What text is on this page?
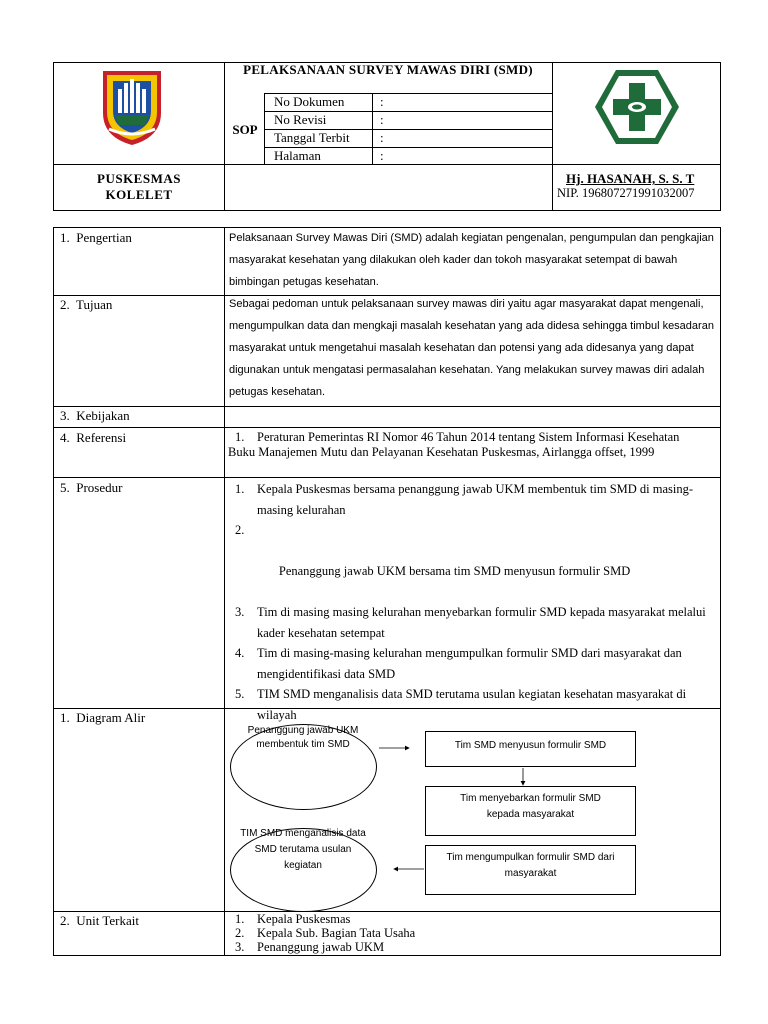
PELAKSANAAN SURVEY MAWAS DIRI (SMD)
SOP
No Dokumen	:
No Revisi	:
Tanggal Terbit :
Halaman	:
PUSKESMAS KOLELET
Hj. HASANAH, S. S. T
NIP. 196807271991032007
1.  Pengertian	Pelaksanaan Survey Mawas Diri (SMD) adalah kegiatan pengenalan, pengumpulan dan pengkajian masyarakat kesehatan yang dilakukan oleh kader dan tokoh masyarakat setempat di bawah bimbingan petugas kesehatan.
2.  Tujuan	Sebagai pedoman untuk pelaksanaan survey mawas diri yaitu agar masyarakat dapat mengenali, mengumpulkan data dan mengkaji masalah kesehatan yang ada didesa sehingga timbul kesadaran masyarakat untuk mengetahui masalah kesehatan dan potensi yang ada didesanya yang dapat digunakan untuk mengatasi permasalahan kesehatan. Yang melakukan survey mawas diri adalah petugas kesehatan.
3.  Kebijakan
4.  Referensi	1. Peraturan Pemerintas RI Nomor 46 Tahun 2014 tentang Sistem Informasi Kesehatan
Buku Manajemen Mutu dan Pelayanan Kesehatan Puskesmas, Airlangga offset, 1999
5.  Prosedur	1. Kepala Puskesmas bersama penanggung jawab UKM membentuk tim SMD di masing-masing kelurahan

2.

Penanggung jawab UKM bersama tim SMD menyusun formulir SMD

3. Tim di masing masing kelurahan menyebarkan formulir SMD kepada masyarakat melalui kader kesehatan setempat
4. Tim di masing-masing kelurahan mengumpulkan formulir SMD dari masyarakat dan mengidentifikasi data SMD
5. TIM SMD menganalisis data SMD terutama usulan kegiatan kesehatan masyarakat di wilayah
1.  Diagram Alir
Penanggung jawab UKM membentuk tim SMD	Tim SMD menyusun formulir SMD
Tim menyebarkan formulir SMD kepada masyarakat
Tim mengumpulkan formulir SMD dari masyarakat
TIM SMD menganalisis data SMD terutama usulan kegiatan
2.  Unit Terkait	1. Kepala Puskesmas
2. Kepala Sub. Bagian Tata Usaha
3. Penanggung jawab UKM
